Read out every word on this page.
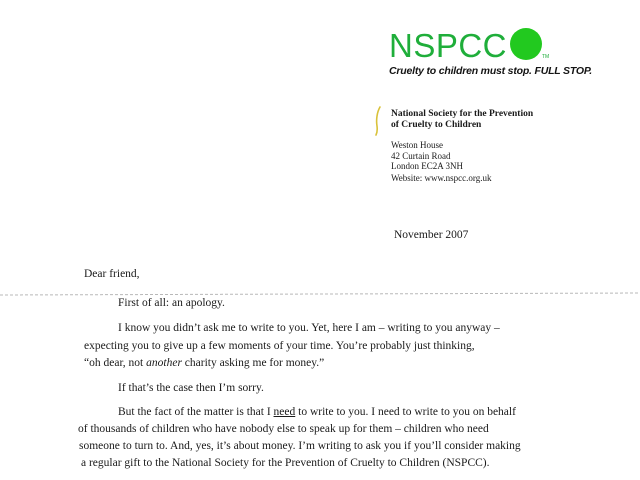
NSPCC	TM
Cruelty to children must stop. FULL STOP.
National Society for the Prevention
of Cruelty to Children
Weston House
42 Curtain Road
London EC2A 3NH
Website: www.nspcc.org.uk
November 2007
Dear friend,
First of all: an apology.
I know you didn’t ask me to write to you. Yet, here I am – writing to you anyway –
expecting you to give up a few moments of your time. You’re probably just thinking,
“oh dear, not another charity asking me for money.”
If that’s the case then I’m sorry.
But the fact of the matter is that I need to write to you. I need to write to you on behalf
of thousands of children who have nobody else to speak up for them – children who need
someone to turn to. And, yes, it’s about money. I’m writing to ask you if you’ll consider making
a regular gift to the National Society for the Prevention of Cruelty to Children (NSPCC).
